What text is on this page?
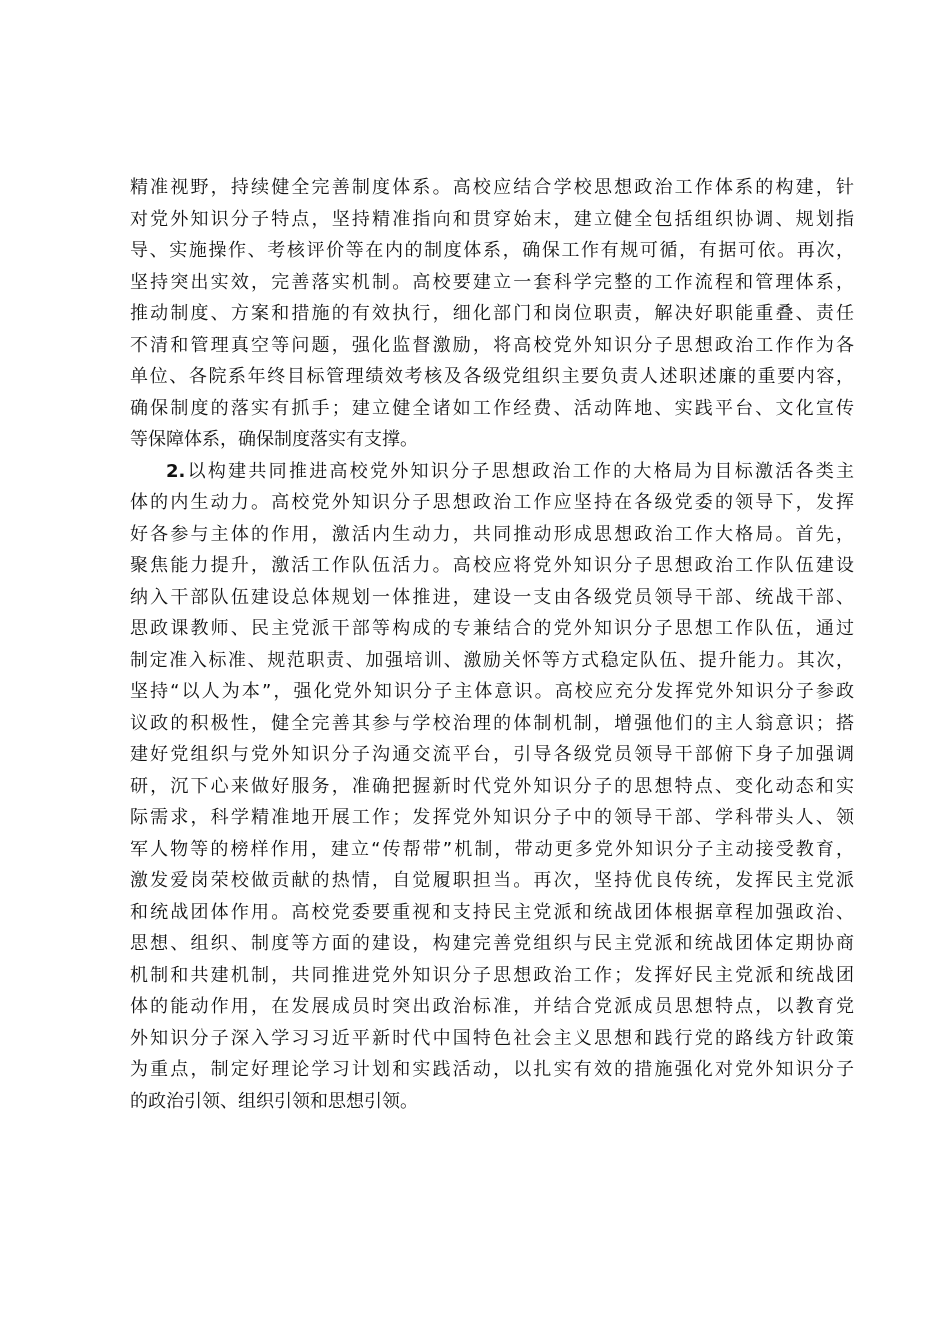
精准视野，持续健全完善制度体系。高校应结合学校思想政治工作体系的构建，针
对党外知识分子特点，坚持精准指向和贯穿始末，建立健全包括组织协调、规划指
导、实施操作、考核评价等在内的制度体系，确保工作有规可循，有据可依。再次，
坚持突出实效，完善落实机制。高校要建立一套科学完整的工作流程和管理体系，
推动制度、方案和措施的有效执行，细化部门和岗位职责，解决好职能重叠、责任
不清和管理真空等问题，强化监督激励，将高校党外知识分子思想政治工作作为各
单位、各院系年终目标管理绩效考核及各级党组织主要负责人述职述廉的重要内容，
确保制度的落实有抓手；建立健全诸如工作经费、活动阵地、实践平台、文化宣传
等保障体系，确保制度落实有支撑。
2.以构建共同推进高校党外知识分子思想政治工作的大格局为目标激活各类主
体的内生动力。高校党外知识分子思想政治工作应坚持在各级党委的领导下，发挥
好各参与主体的作用，激活内生动力，共同推动形成思想政治工作大格局。首先，
聚焦能力提升，激活工作队伍活力。高校应将党外知识分子思想政治工作队伍建设
纳入干部队伍建设总体规划一体推进，建设一支由各级党员领导干部、统战干部、
思政课教师、民主党派干部等构成的专兼结合的党外知识分子思想工作队伍，通过
制定准入标准、规范职责、加强培训、激励关怀等方式稳定队伍、提升能力。其次，
坚持“以人为本”，强化党外知识分子主体意识。高校应充分发挥党外知识分子参政
议政的积极性，健全完善其参与学校治理的体制机制，增强他们的主人翁意识；搭
建好党组织与党外知识分子沟通交流平台，引导各级党员领导干部俯下身子加强调
研，沉下心来做好服务，准确把握新时代党外知识分子的思想特点、变化动态和实
际需求，科学精准地开展工作；发挥党外知识分子中的领导干部、学科带头人、领
军人物等的榜样作用，建立“传帮带”机制，带动更多党外知识分子主动接受教育，
激发爱岗荣校做贡献的热情，自觉履职担当。再次，坚持优良传统，发挥民主党派
和统战团体作用。高校党委要重视和支持民主党派和统战团体根据章程加强政治、
思想、组织、制度等方面的建设，构建完善党组织与民主党派和统战团体定期协商
机制和共建机制，共同推进党外知识分子思想政治工作；发挥好民主党派和统战团
体的能动作用，在发展成员时突出政治标准，并结合党派成员思想特点，以教育党
外知识分子深入学习习近平新时代中国特色社会主义思想和践行党的路线方针政策
为重点，制定好理论学习计划和实践活动，以扎实有效的措施强化对党外知识分子
的政治引领、组织引领和思想引领。
